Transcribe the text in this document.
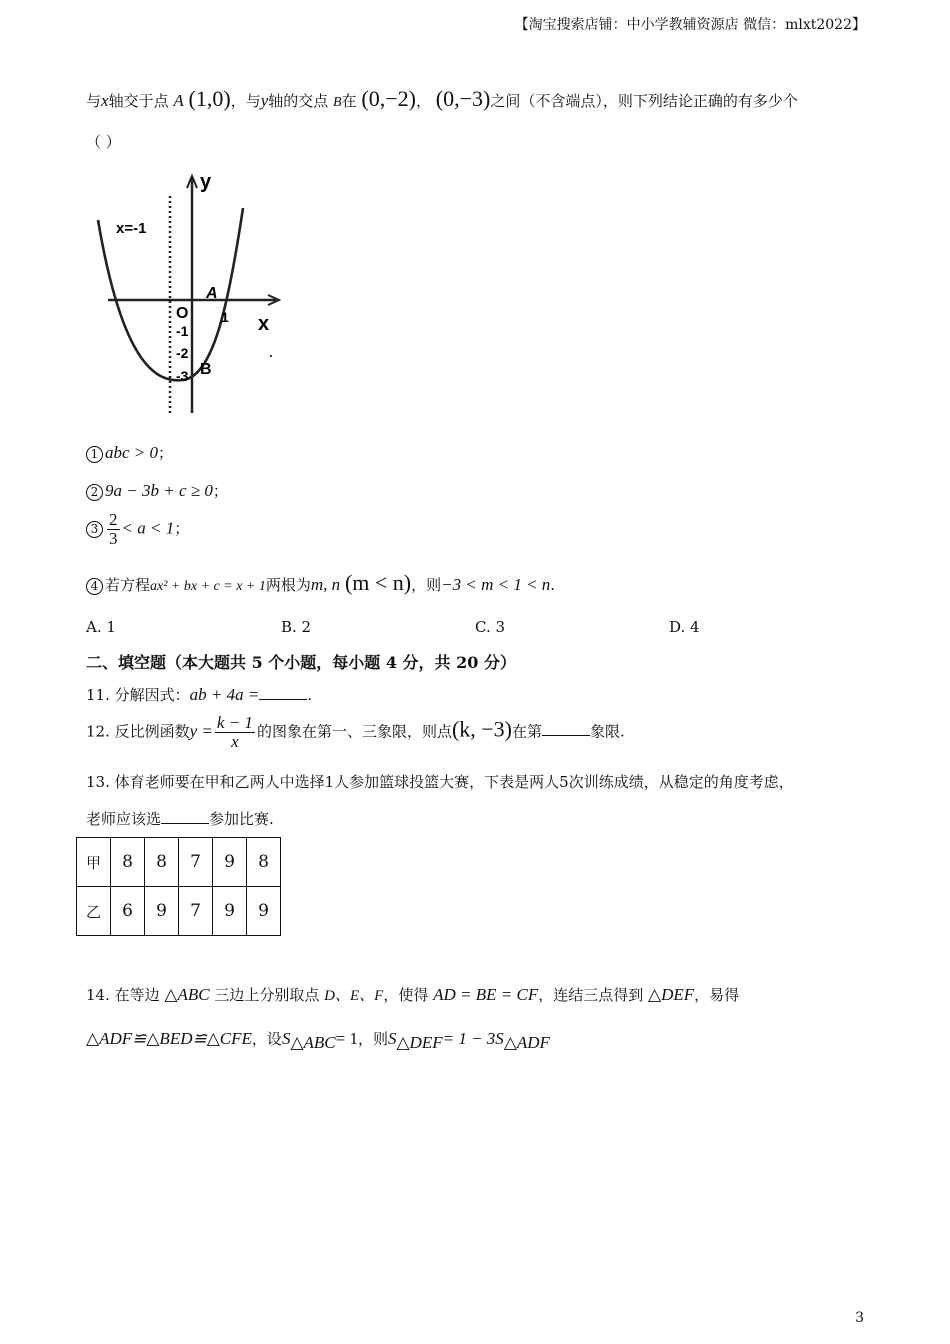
【淘宝搜索店铺：中小学教辅资源店 微信：mlxt2022】
与x轴交于点 A (1,0)，与y轴的交点 B在 (0,−2)， (0,−3)之间（不含端点），则下列结论正确的有多少个
（ ）
y
x
x=-1
O
A
B
1
-1
-2
-3
1 abc > 0；
2 9a − 3b + c ≥ 0；
$3 \frac{2}{3} < a < 1$；
4 若方程ax² + bx + c = x + 1两根为m, n (m < n)，则−3 < m < 1 < n.
A. 1	B. 2	C. 3	D. 4
二、填空题（本大题共 5 个小题，每小题 4 分，共 20 分）
11. 分解因式：ab + 4a =	.
12. 反比例函数$y = \frac{k - 1}{x}$ 的图象在第一、三象限，则点(k, −3)在第	象限.
13. 体育老师要在甲和乙两人中选择1人参加篮球投篮大赛，下表是两人5次训练成绩，从稳定的角度考虑，
老师应该选	参加比赛.
甲	8	8	7	9	8
乙	6	9	7	9	9
14. 在等边 △ABC 三边上分别取点 D、E、F，使得 AD = BE = CF，连结三点得到 △DEF，易得
△ADF≌△BED≌△CFE，设$S_{\triangle ABC}= 1$，则$S_{\triangle DEF}= 1 - 3S_{\triangle ADF}$
3
